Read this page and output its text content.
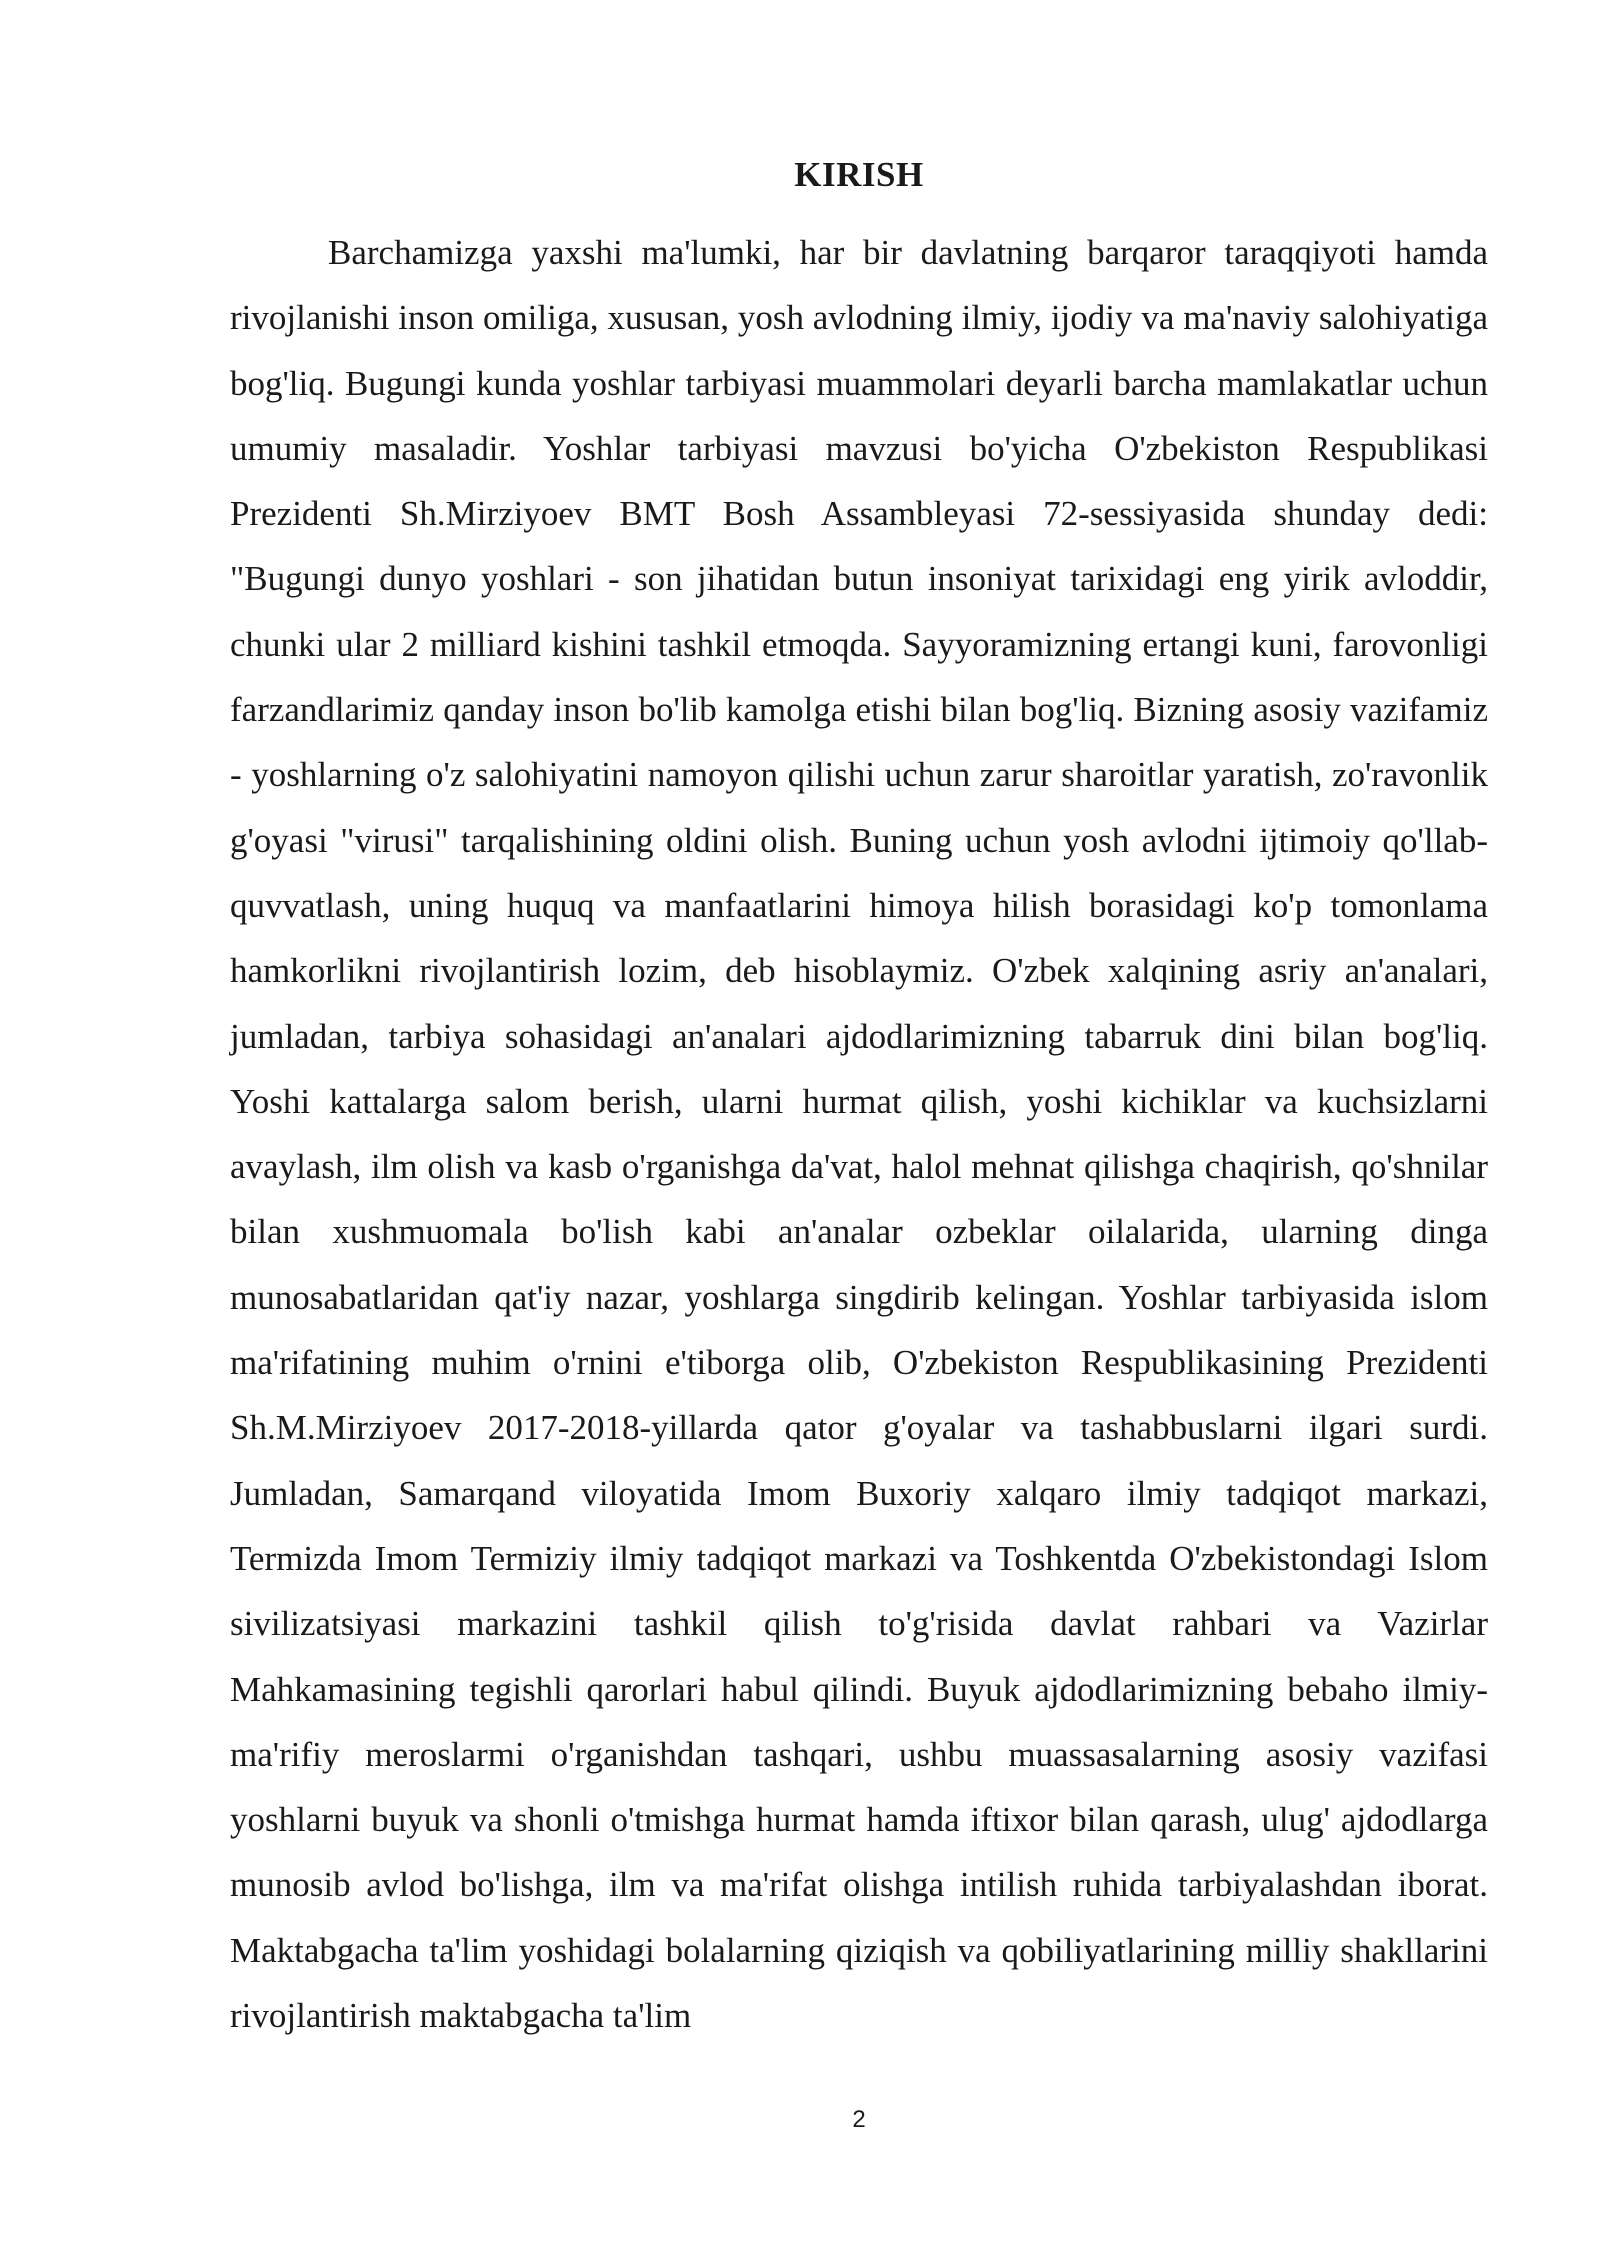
KIRISH

Barchamizga yaxshi ma'lumki, har bir davlatning barqaror taraqqiyoti hamda rivojlanishi inson omiliga, xususan, yosh avlodning ilmiy, ijodiy va ma'naviy salohiyatiga bog'liq. Bugungi kunda yoshlar tarbiyasi muammolari deyarli barcha mamlakatlar uchun umumiy masaladir. Yoshlar tarbiyasi mavzusi bo'yicha O'zbekiston Respublikasi Prezidenti Sh.Mirziyoev BMT Bosh Assambleyasi 72-sessiyasida shunday dedi: "Bugungi dunyo yoshlari - son jihatidan butun insoniyat tarixidagi eng yirik avloddir, chunki ular 2 milliard kishini tashkil etmoqda. Sayyoramizning ertangi kuni, farovonligi farzandlarimiz qanday inson bo'lib kamolga etishi bilan bog'liq. Bizning asosiy vazifamiz - yoshlarning o'z salohiyatini namoyon qilishi uchun zarur sharoitlar yaratish, zo'ravonlik g'oyasi "virusi" tarqalishining oldini olish. Buning uchun yosh avlodni ijtimoiy qo'llab-quvvatlash, uning huquq va manfaatlarini himoya hilish borasidagi ko'p tomonlama hamkorlikni rivojlantirish lozim, deb hisoblaymiz. O'zbek xalqining asriy an'analari, jumladan, tarbiya sohasidagi an'analari ajdodlarimizning tabarruk dini bilan bog'liq. Yoshi kattalarga salom berish, ularni hurmat qilish, yoshi kichiklar va kuchsizlarni avaylash, ilm olish va kasb o'rganishga da'vat, halol mehnat qilishga chaqirish, qo'shnilar bilan xushmuomala bo'lish kabi an'analar ozbeklar oilalarida, ularning dinga munosabatlaridan qat'iy nazar, yoshlarga singdirib kelingan. Yoshlar tarbiyasida islom ma'rifatining muhim o'rnini e'tiborga olib, O'zbekiston Respublikasining Prezidenti Sh.M.Mirziyoev 2017-2018-yillarda qator g'oyalar va tashabbuslarni ilgari surdi. Jumladan, Samarqand viloyatida Imom Buxoriy xalqaro ilmiy tadqiqot markazi, Termizda Imom Termiziy ilmiy tadqiqot markazi va Toshkentda O'zbekistondagi Islom sivilizatsiyasi markazini tashkil qilish to'g'risida davlat rahbari va Vazirlar Mahkamasining tegishli qarorlari habul qilindi. Buyuk ajdodlarimizning bebaho ilmiy-ma'rifiy meroslarmi o'rganishdan tashqari, ushbu muassasalarning asosiy vazifasi yoshlarni buyuk va shonli o'tmishga hurmat hamda iftixor bilan qarash, ulug' ajdodlarga munosib avlod bo'lishga, ilm va ma'rifat olishga intilish ruhida tarbiyalashdan iborat. Maktabgacha ta'lim yoshidagi bolalarning qiziqish va qobiliyatlarining milliy shakllarini rivojlantirish maktabgacha ta'lim

2
